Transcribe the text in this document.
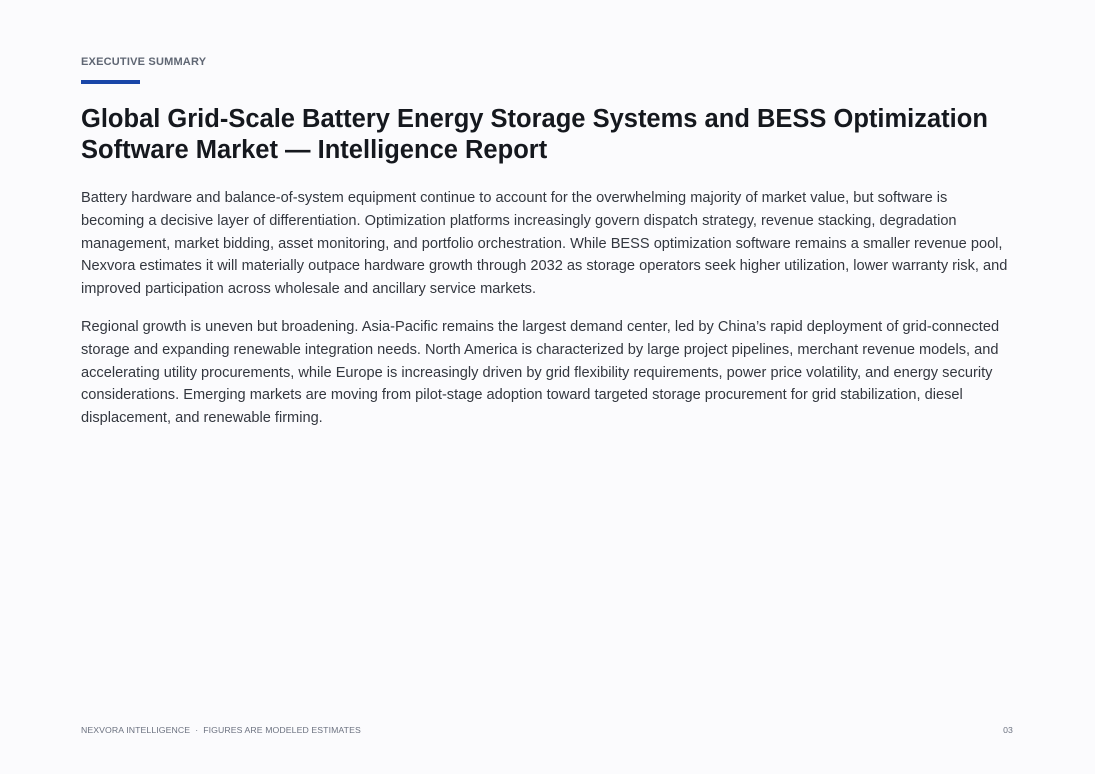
EXECUTIVE SUMMARY
Global Grid-Scale Battery Energy Storage Systems and BESS Optimization Software Market — Intelligence Report

Battery hardware and balance-of-system equipment continue to account for the overwhelming majority of market value, but software is becoming a decisive layer of differentiation. Optimization platforms increasingly govern dispatch strategy, revenue stacking, degradation management, market bidding, asset monitoring, and portfolio orchestration. While BESS optimization software remains a smaller revenue pool, Nexvora estimates it will materially outpace hardware growth through 2032 as storage operators seek higher utilization, lower warranty risk, and improved participation across wholesale and ancillary service markets.

Regional growth is uneven but broadening. Asia-Pacific remains the largest demand center, led by China’s rapid deployment of grid-connected storage and expanding renewable integration needs. North America is characterized by large project pipelines, merchant revenue models, and accelerating utility procurements, while Europe is increasingly driven by grid flexibility requirements, power price volatility, and energy security considerations. Emerging markets are moving from pilot-stage adoption toward targeted storage procurement for grid stabilization, diesel displacement, and renewable firming.

NEXVORA INTELLIGENCE · FIGURES ARE MODELED ESTIMATES	03
